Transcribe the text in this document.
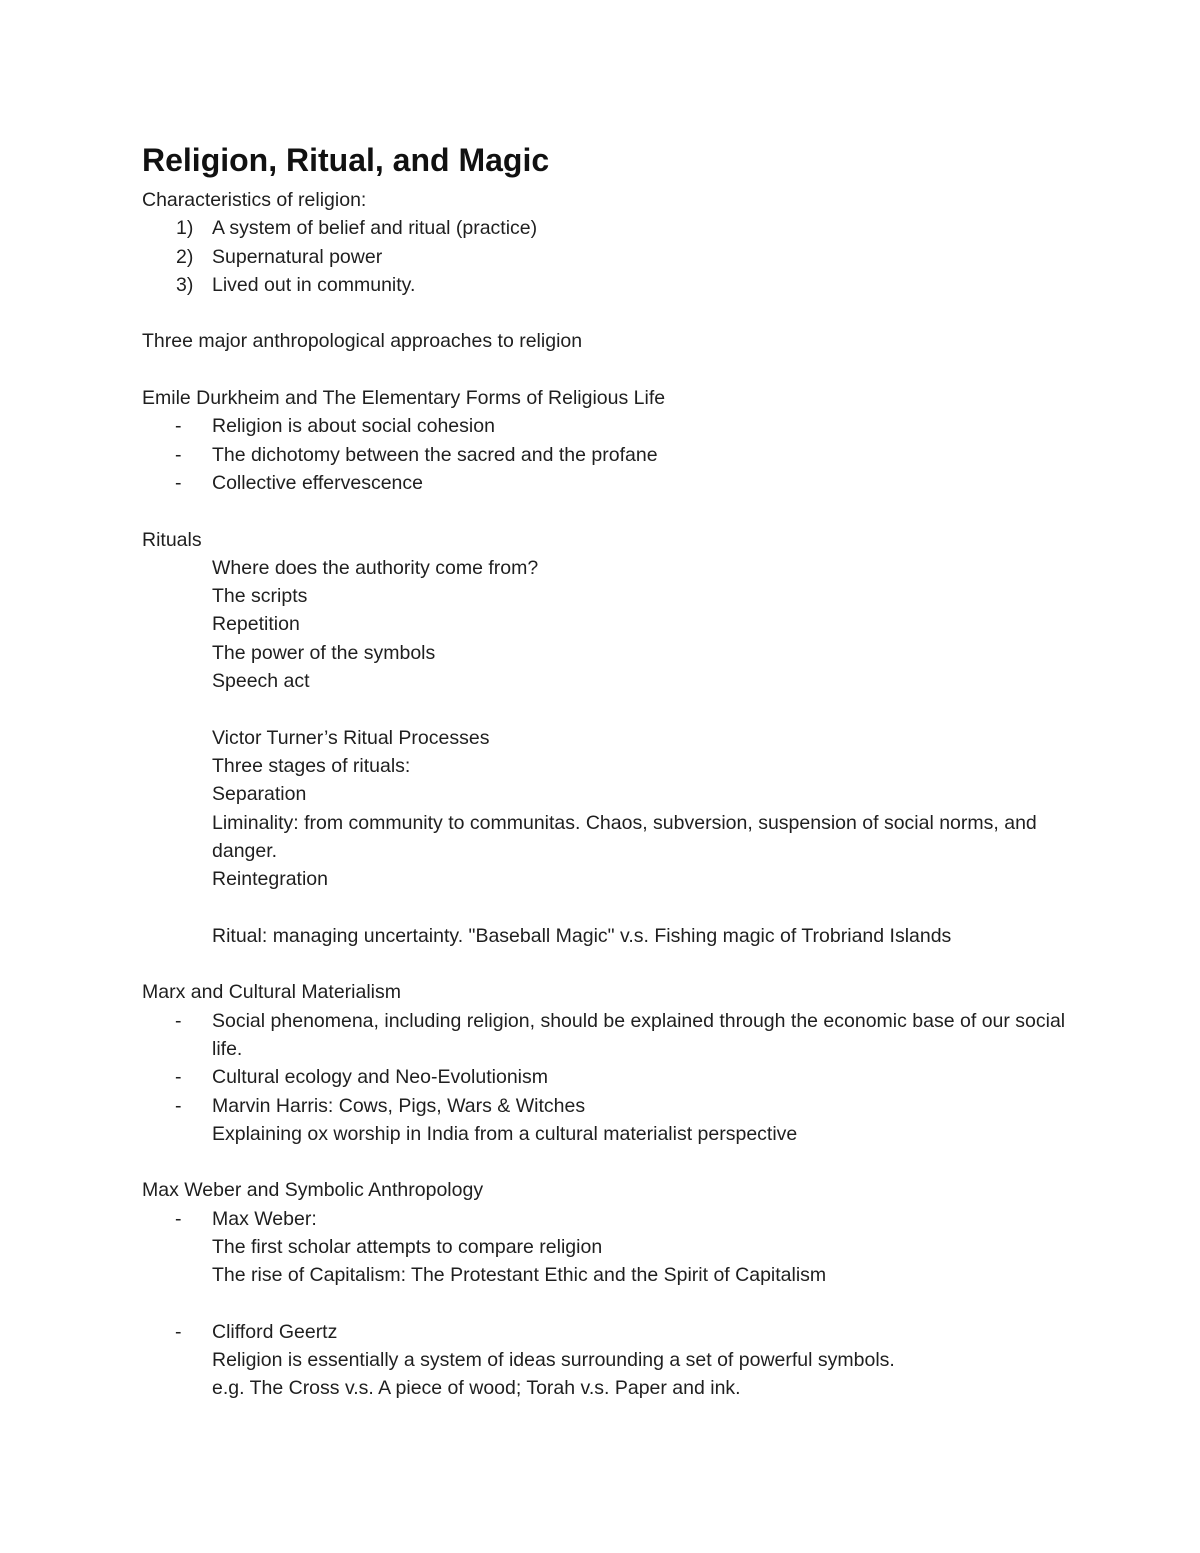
Religion, Ritual, and Magic
Characteristics of religion:
1) A system of belief and ritual (practice)
2) Supernatural power
3) Lived out in community.
Three major anthropological approaches to religion
Emile Durkheim and The Elementary Forms of Religious Life
- Religion is about social cohesion
- The dichotomy between the sacred and the profane
- Collective effervescence
Rituals
Where does the authority come from?
The scripts
Repetition
The power of the symbols
Speech act
Victor Turner’s Ritual Processes
Three stages of rituals:
Separation
Liminality: from community to communitas. Chaos, subversion, suspension of social norms, and danger.
Reintegration
Ritual: managing uncertainty. "Baseball Magic" v.s. Fishing magic of Trobriand Islands
Marx and Cultural Materialism
- Social phenomena, including religion, should be explained through the economic base of our social life.
- Cultural ecology and Neo-Evolutionism
- Marvin Harris: Cows, Pigs, Wars & Witches
Explaining ox worship in India from a cultural materialist perspective
Max Weber and Symbolic Anthropology
- Max Weber:
The first scholar attempts to compare religion
The rise of Capitalism: The Protestant Ethic and the Spirit of Capitalism
- Clifford Geertz
Religion is essentially a system of ideas surrounding a set of powerful symbols.
e.g. The Cross v.s. A piece of wood; Torah v.s. Paper and ink.
